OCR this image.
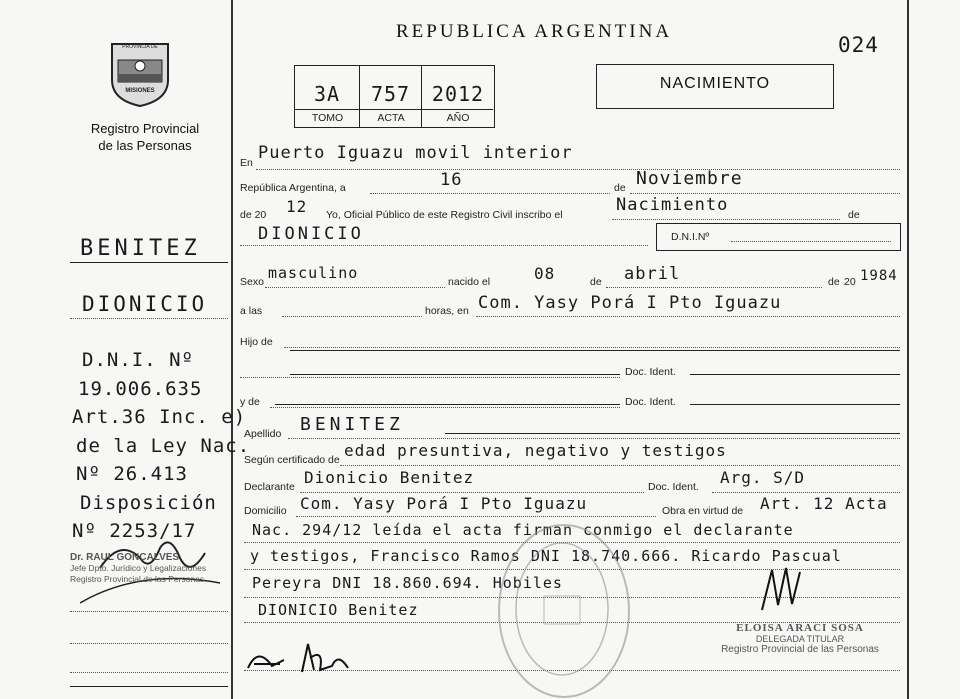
PROVINCIA DE
MISIONES
Registro Provincial
de las Personas
BENITEZ
DIONICIO
D.N.I. Nº
19.006.635
Art.36 Inc. e)
de la Ley Nac.
Nº 26.413
Disposición
Nº 2253/17
Dr. RAUL GONCALVES
Jefe Dpto. Jurídico y Legalizaciones
Registro Provincial de las Personas
REPUBLICA ARGENTINA
024
3A	757	2012
TOMO	ACTA	AÑO
NACIMIENTO
En Puerto Iguazu movil interior
República Argentina, a	16	de Noviembre
de 20 12 Yo, Oficial Público de este Registro Civil inscribo el	Nacimiento	de
DIONICIO	D.N.I.Nº
Sexo masculino	nacido el	08	de abril	de 20 1984
a las	horas, en Com. Yasy Porá I Pto Iguazu
Hijo de
Doc. Ident.
y de	Doc. Ident.
Apellido BENITEZ
Según certificado de edad presuntiva, negativo y testigos
Declarante Dionicio Benitez	Doc. Ident. Arg. S/D
Domicilio Com. Yasy Porá I Pto Iguazu	Obra en virtud de Art. 12 Acta
Nac. 294/12 leída el acta firman conmigo el declarante
y testigos, Francisco Ramos DNI 18.740.666. Ricardo Pascual
Pereyra DNI 18.860.694. Hobiles
DIONICIO Benitez
ELOISA ARACI SOSA
DELEGADA TITULAR
Registro Provincial de las Personas
